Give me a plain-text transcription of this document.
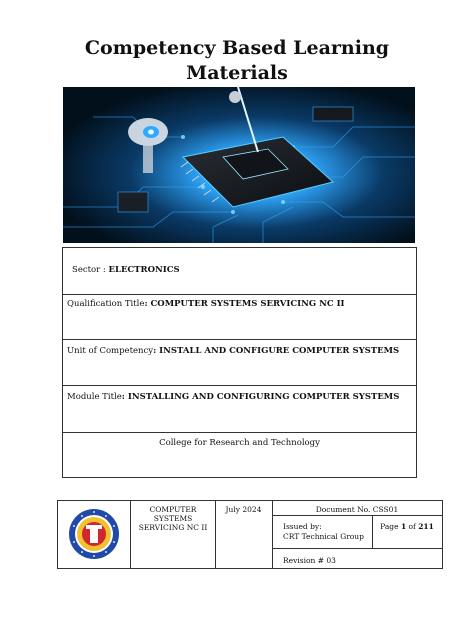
Competency Based Learning Materials
Sector : ELECTRONICS
Qualification Title: COMPUTER SYSTEMS SERVICING NC II
Unit of Competency: INSTALL AND CONFIGURE COMPUTER SYSTEMS
Module Title: INSTALLING AND CONFIGURING COMPUTER SYSTEMS
College for Research and Technology
COMPUTER SYSTEMS SERVICING NC II
July 2024	Document No. CSS01
Issued by:
CRT Technical Group
Page 1 of 211
Revision # 03
